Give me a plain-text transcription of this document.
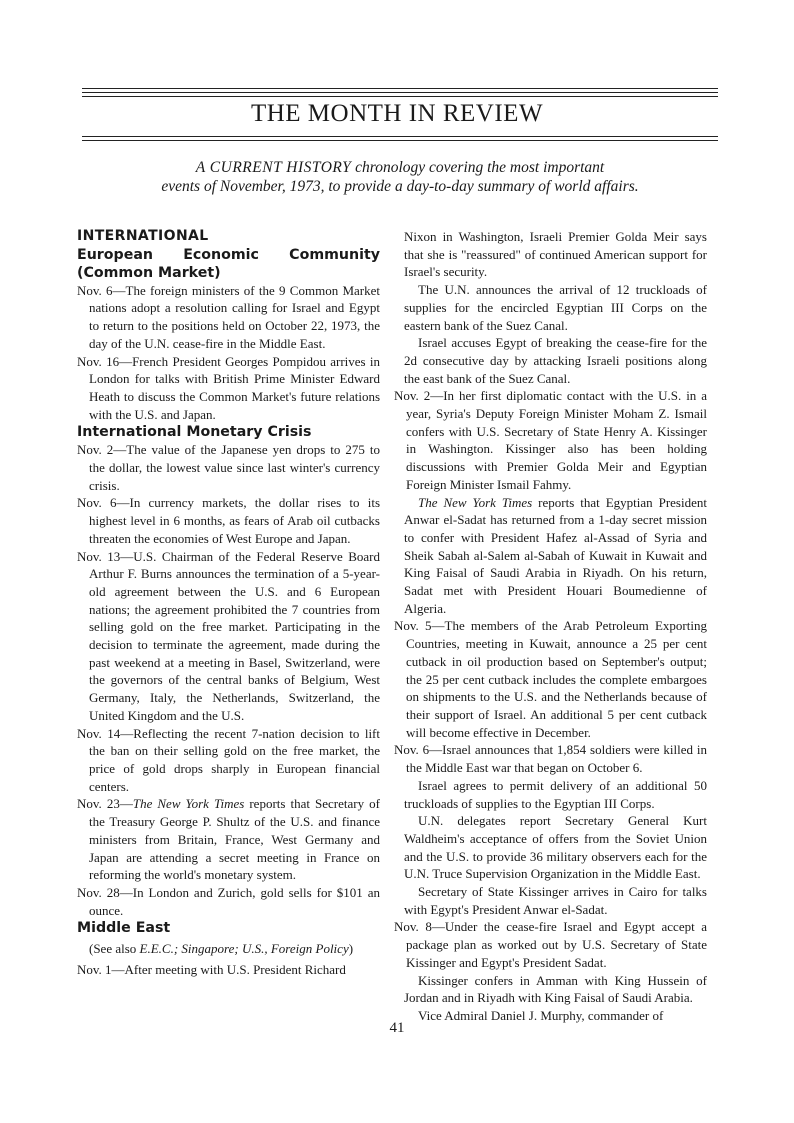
THE MONTH IN REVIEW
A CURRENT HISTORY chronology covering the most important
events of November, 1973, to provide a day-to-day summary of world affairs.

INTERNATIONAL

European Economic Community (Common Market)

Nov. 6—The foreign ministers of the 9 Common Market nations adopt a resolution calling for Israel and Egypt to return to the positions held on October 22, 1973, the day of the U.N. cease-fire in the Middle East.

Nov. 16—French President Georges Pompidou arrives in London for talks with British Prime Minister Edward Heath to discuss the Common Market's future relations with the U.S. and Japan.

International Monetary Crisis

Nov. 2—The value of the Japanese yen drops to 275 to the dollar, the lowest value since last winter's currency crisis.

Nov. 6—In currency markets, the dollar rises to its highest level in 6 months, as fears of Arab oil cutbacks threaten the economies of West Europe and Japan.

Nov. 13—U.S. Chairman of the Federal Reserve Board Arthur F. Burns announces the termination of a 5-year-old agreement between the U.S. and 6 European nations; the agreement prohibited the 7 countries from selling gold on the free market. Participating in the decision to terminate the agreement, made during the past weekend at a meeting in Basel, Switzerland, were the governors of the central banks of Belgium, West Germany, Italy, the Netherlands, Switzerland, the United Kingdom and the U.S.

Nov. 14—Reflecting the recent 7-nation decision to lift the ban on their selling gold on the free market, the price of gold drops sharply in European financial centers.

Nov. 23—The New York Times reports that Secretary of the Treasury George P. Shultz of the U.S. and finance ministers from Britain, France, West Germany and Japan are attending a secret meeting in France on reforming the world's monetary system.

Nov. 28—In London and Zurich, gold sells for $101 an ounce.

Middle East

(See also E.E.C.; Singapore; U.S., Foreign Policy)

Nov. 1—After meeting with U.S. President Richard

Nixon in Washington, Israeli Premier Golda Meir says that she is "reassured" of continued American support for Israel's security.

The U.N. announces the arrival of 12 truckloads of supplies for the encircled Egyptian III Corps on the eastern bank of the Suez Canal.

Israel accuses Egypt of breaking the cease-fire for the 2d consecutive day by attacking Israeli positions along the east bank of the Suez Canal.

Nov. 2—In her first diplomatic contact with the U.S. in a year, Syria's Deputy Foreign Minister Moham Z. Ismail confers with U.S. Secretary of State Henry A. Kissinger in Washington. Kissinger also has been holding discussions with Premier Golda Meir and Egyptian Foreign Minister Ismail Fahmy.

The New York Times reports that Egyptian President Anwar el-Sadat has returned from a 1-day secret mission to confer with President Hafez al-Assad of Syria and Sheik Sabah al-Salem al-Sabah of Kuwait in Kuwait and King Faisal of Saudi Arabia in Riyadh. On his return, Sadat met with President Houari Boumedienne of Algeria.

Nov. 5—The members of the Arab Petroleum Exporting Countries, meeting in Kuwait, announce a 25 per cent cutback in oil production based on September's output; the 25 per cent cutback includes the complete embargoes on shipments to the U.S. and the Netherlands because of their support of Israel. An additional 5 per cent cutback will become effective in December.

Nov. 6—Israel announces that 1,854 soldiers were killed in the Middle East war that began on October 6.

Israel agrees to permit delivery of an additional 50 truckloads of supplies to the Egyptian III Corps.

U.N. delegates report Secretary General Kurt Waldheim's acceptance of offers from the Soviet Union and the U.S. to provide 36 military observers each for the U.N. Truce Supervision Organization in the Middle East.

Secretary of State Kissinger arrives in Cairo for talks with Egypt's President Anwar el-Sadat.

Nov. 8—Under the cease-fire Israel and Egypt accept a package plan as worked out by U.S. Secretary of State Kissinger and Egypt's President Sadat.

Kissinger confers in Amman with King Hussein of Jordan and in Riyadh with King Faisal of Saudi Arabia.

Vice Admiral Daniel J. Murphy, commander of

41
